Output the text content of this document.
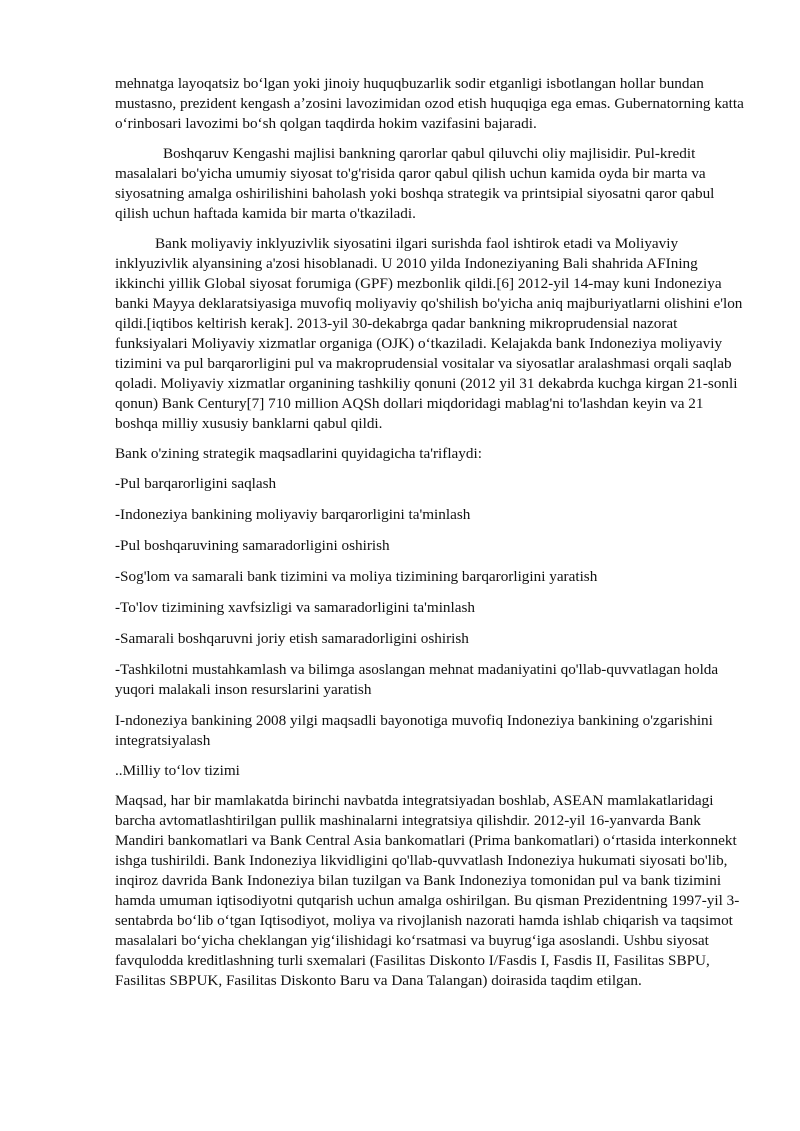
mehnatga layoqatsiz boʻlgan yoki jinoiy huquqbuzarlik sodir etganligi isbotlangan hollar bundan mustasno, prezident kengash aʼzosini lavozimidan ozod etish huquqiga ega emas. Gubernatorning katta oʻrinbosari lavozimi boʻsh qolgan taqdirda hokim vazifasini bajaradi.

Boshqaruv Kengashi majlisi bankning qarorlar qabul qiluvchi oliy majlisidir. Pul-kredit masalalari bo'yicha umumiy siyosat to'g'risida qaror qabul qilish uchun kamida oyda bir marta va siyosatning amalga oshirilishini baholash yoki boshqa strategik va printsipial siyosatni qaror qabul qilish uchun haftada kamida bir marta o'tkaziladi.

Bank moliyaviy inklyuzivlik siyosatini ilgari surishda faol ishtirok etadi va Moliyaviy inklyuzivlik alyansining a'zosi hisoblanadi. U 2010 yilda Indoneziyaning Bali shahrida AFIning ikkinchi yillik Global siyosat forumiga (GPF) mezbonlik qildi.[6] 2012-yil 14-may kuni Indoneziya banki Mayya deklaratsiyasiga muvofiq moliyaviy qo'shilish bo'yicha aniq majburiyatlarni olishini e'lon qildi.[iqtibos keltirish kerak]. 2013-yil 30-dekabrga qadar bankning mikroprudensial nazorat funksiyalari Moliyaviy xizmatlar organiga (OJK) oʻtkaziladi. Kelajakda bank Indoneziya moliyaviy tizimini va pul barqarorligini pul va makroprudensial vositalar va siyosatlar aralashmasi orqali saqlab qoladi. Moliyaviy xizmatlar organining tashkiliy qonuni (2012 yil 31 dekabrda kuchga kirgan 21-sonli qonun) Bank Century[7] 710 million AQSh dollari miqdoridagi mablag'ni to'lashdan keyin va 21 boshqa milliy xususiy banklarni qabul qildi.

Bank o'zining strategik maqsadlarini quyidagicha ta'riflaydi:

-Pul barqarorligini saqlash

-Indoneziya bankining moliyaviy barqarorligini ta'minlash

-Pul boshqaruvining samaradorligini oshirish

-Sog'lom va samarali bank tizimini va moliya tizimining barqarorligini yaratish

-To'lov tizimining xavfsizligi va samaradorligini ta'minlash

-Samarali boshqaruvni joriy etish samaradorligini oshirish

-Tashkilotni mustahkamlash va bilimga asoslangan mehnat madaniyatini qo'llab-quvvatlagan holda yuqori malakali inson resurslarini yaratish

I-ndoneziya bankining 2008 yilgi maqsadli bayonotiga muvofiq Indoneziya bankining o'zgarishini integratsiyalash

..Milliy toʻlov tizimi

Maqsad, har bir mamlakatda birinchi navbatda integratsiyadan boshlab, ASEAN mamlakatlaridagi barcha avtomatlashtirilgan pullik mashinalarni integratsiya qilishdir. 2012-yil 16-yanvarda Bank Mandiri bankomatlari va Bank Central Asia bankomatlari (Prima bankomatlari) oʻrtasida interkonnekt ishga tushirildi. Bank Indoneziya likvidligini qo'llab-quvvatlash Indoneziya hukumati siyosati bo'lib, inqiroz davrida Bank Indoneziya bilan tuzilgan va Bank Indoneziya tomonidan pul va bank tizimini hamda umuman iqtisodiyotni qutqarish uchun amalga oshirilgan. Bu qisman Prezidentning 1997-yil 3-sentabrda boʻlib oʻtgan Iqtisodiyot, moliya va rivojlanish nazorati hamda ishlab chiqarish va taqsimot masalalari boʻyicha cheklangan yigʻilishidagi koʻrsatmasi va buyrugʻiga asoslandi. Ushbu siyosat favqulodda kreditlashning turli sxemalari (Fasilitas Diskonto I/Fasdis I, Fasdis II, Fasilitas SBPU, Fasilitas SBPUK, Fasilitas Diskonto Baru va Dana Talangan) doirasida taqdim etilgan.
